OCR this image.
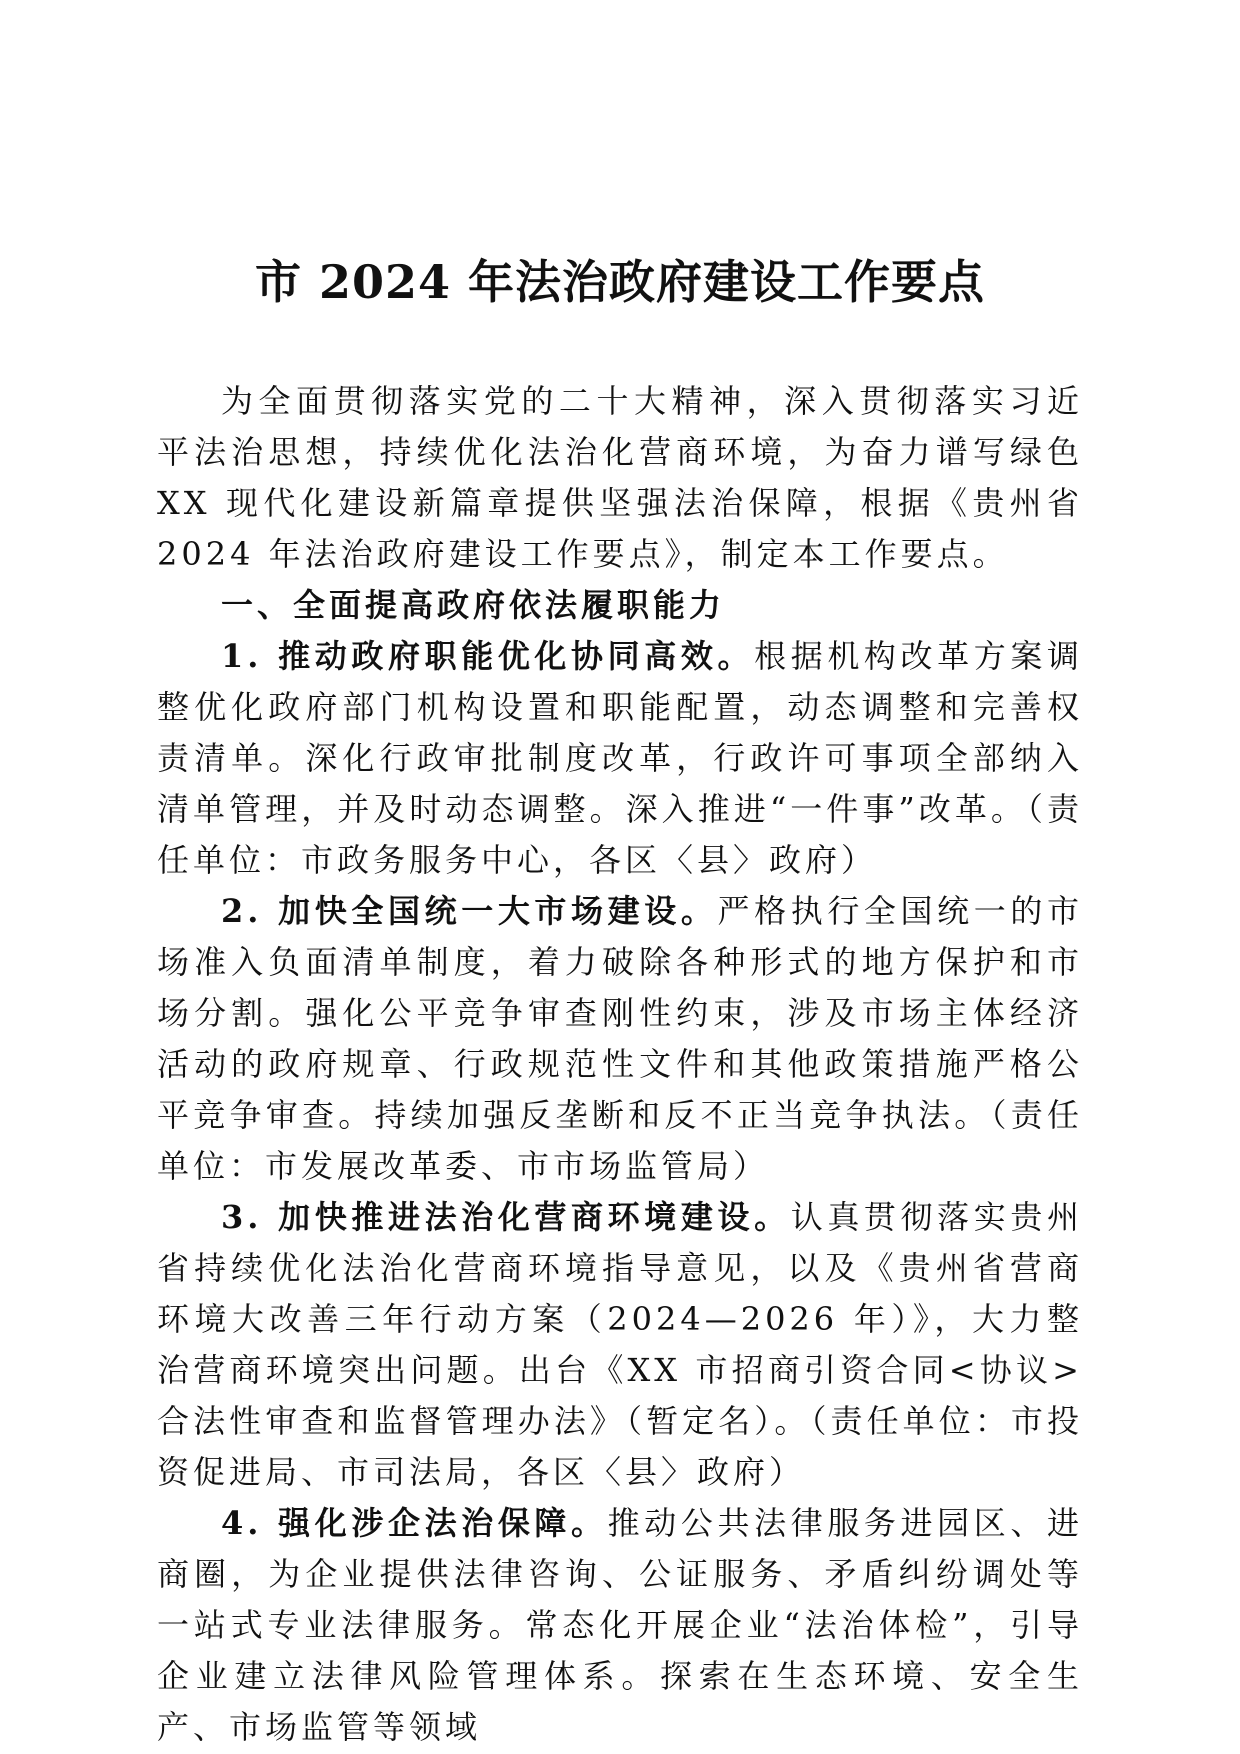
市 2024 年法治政府建设工作要点

为全面贯彻落实党的二十大精神，深入贯彻落实习近平法治思想，持续优化法治化营商环境，为奋力谱写绿色 XX 现代化建设新篇章提供坚强法治保障，根据《贵州省 2024 年法治政府建设工作要点》，制定本工作要点。

一、全面提高政府依法履职能力

1. 推动政府职能优化协同高效。根据机构改革方案调整优化政府部门机构设置和职能配置，动态调整和完善权责清单。深化行政审批制度改革，行政许可事项全部纳入清单管理，并及时动态调整。深入推进“一件事”改革。（责任单位：市政务服务中心，各区〈县〉政府）

2. 加快全国统一大市场建设。严格执行全国统一的市场准入负面清单制度，着力破除各种形式的地方保护和市场分割。强化公平竞争审查刚性约束，涉及市场主体经济活动的政府规章、行政规范性文件和其他政策措施严格公平竞争审查。持续加强反垄断和反不正当竞争执法。（责任单位：市发展改革委、市市场监管局）

3. 加快推进法治化营商环境建设。认真贯彻落实贵州省持续优化法治化营商环境指导意见，以及《贵州省营商环境大改善三年行动方案（2024—2026 年）》，大力整治营商环境突出问题。出台《XX 市招商引资合同<协议>合法性审查和监督管理办法》（暂定名）。（责任单位：市投资促进局、市司法局，各区〈县〉政府）

4. 强化涉企法治保障。推动公共法律服务进园区、进商圈，为企业提供法律咨询、公证服务、矛盾纠纷调处等一站式专业法律服务。常态化开展企业“法治体检”，引导企业建立法律风险管理体系。探索在生态环境、安全生产、市场监管等领域
